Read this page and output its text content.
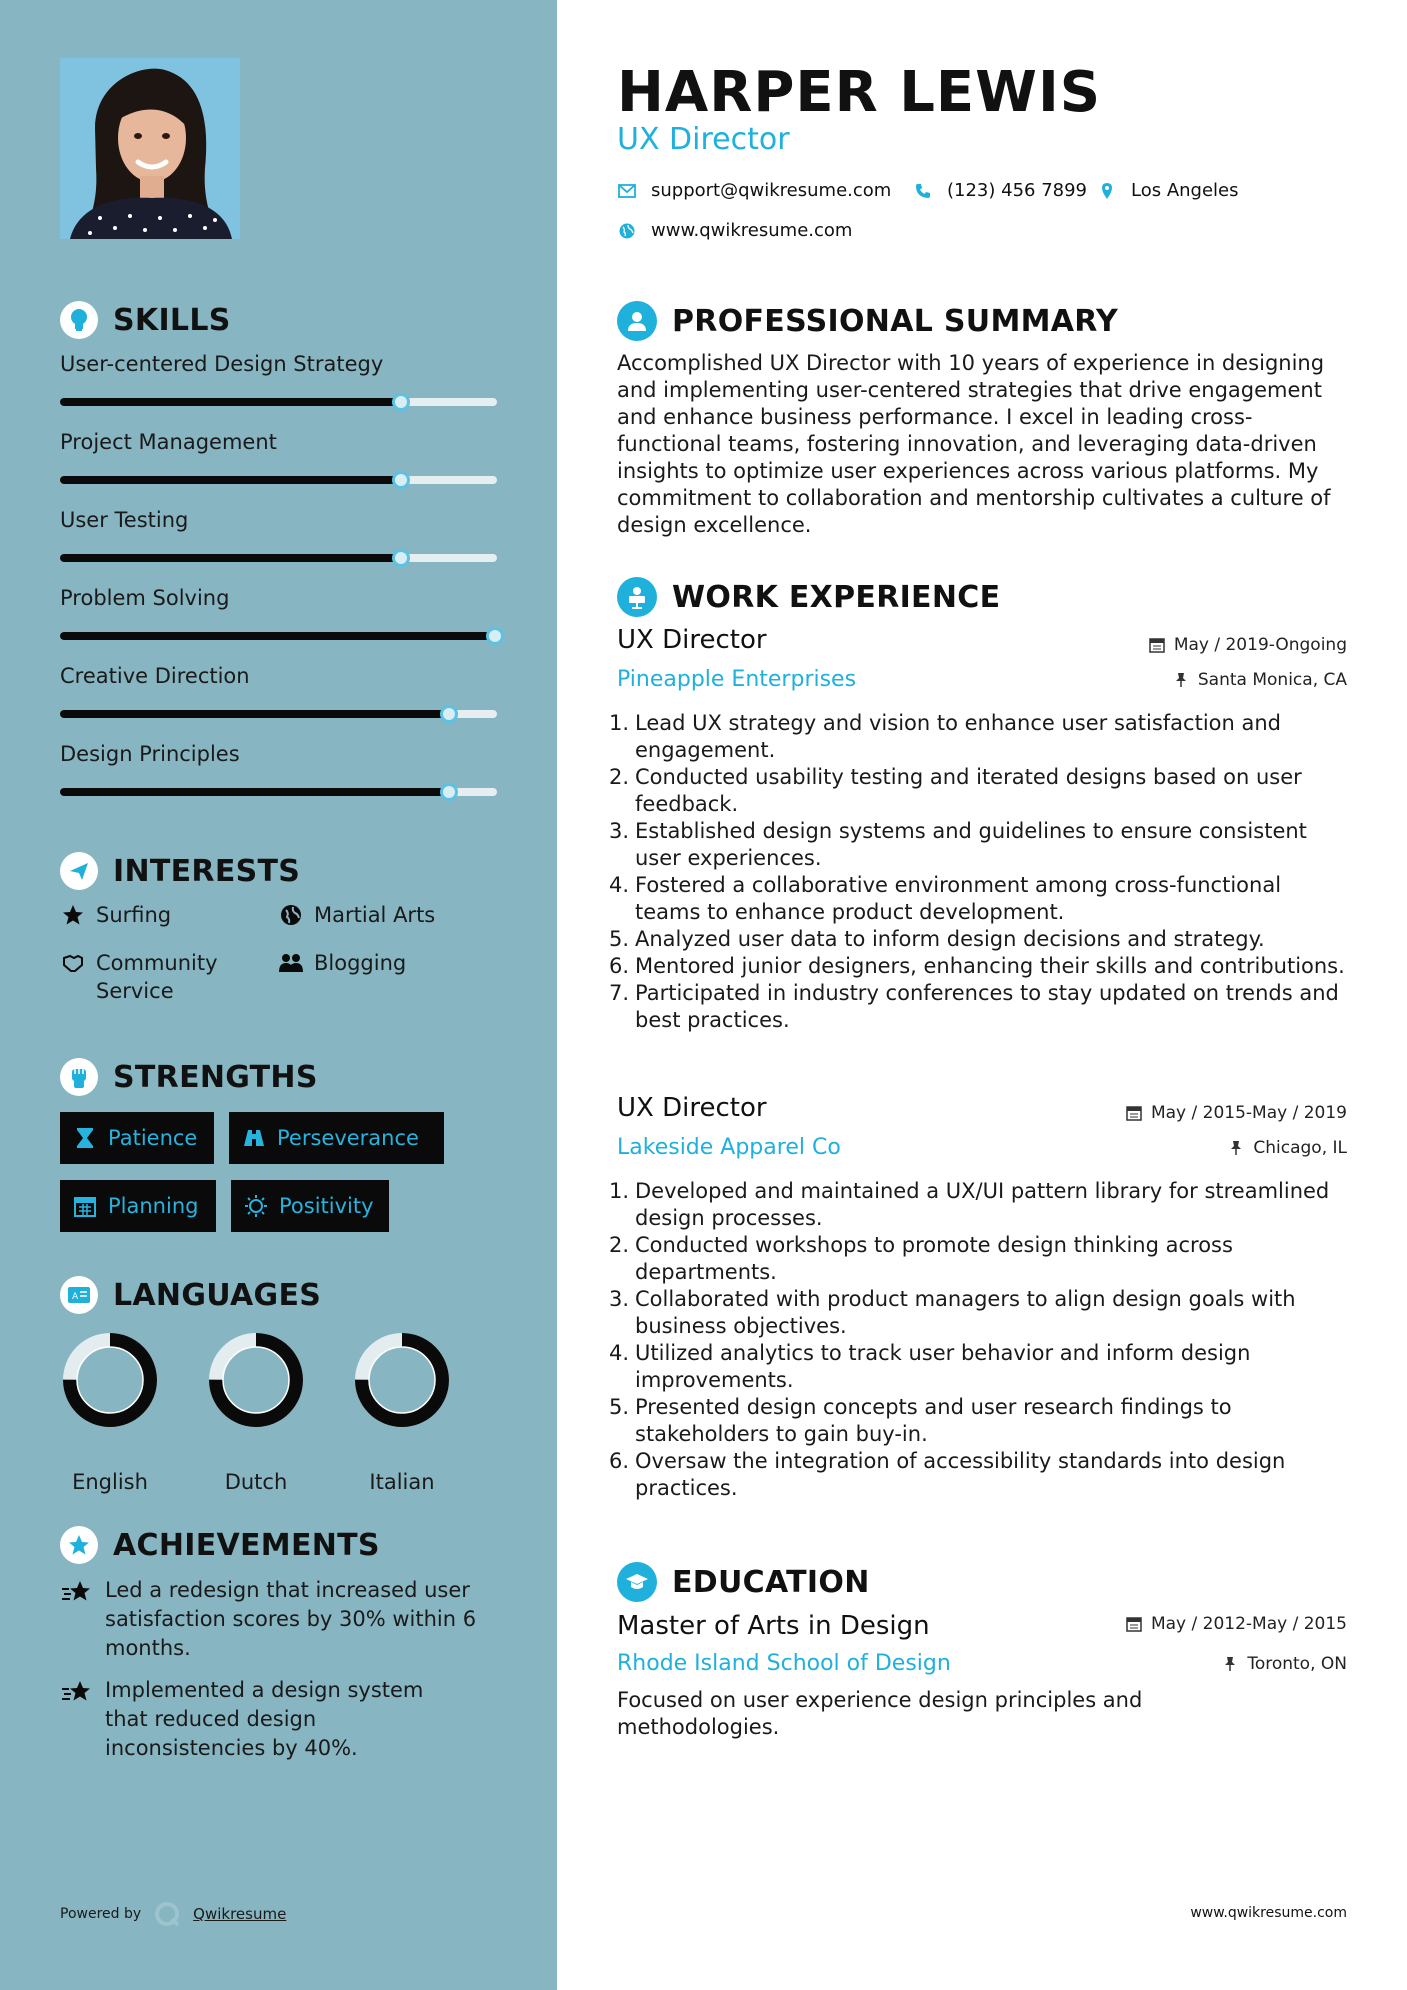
SKILLS
User-centered Design Strategy
Project Management
User Testing
Problem Solving
Creative Direction
Design Principles
INTERESTS
Surfing	Martial Arts
Community Service
Blogging
STRENGTHS
Patience	Perseverance
Planning	Positivity
A LANGUAGES
English	Dutch	Italian
ACHIEVEMENTS
Led a redesign that increased user satisfaction scores by 30% within 6 months.
Implemented a design system that reduced design inconsistencies by 40%.
Powered by	Qwikresume
HARPER LEWIS
UX Director
support@qwikresume.com	(123) 456 7899 Los Angeles
www.qwikresume.com
PROFESSIONAL SUMMARY

Accomplished UX Director with 10 years of experience in designing and implementing user-centered strategies that drive engagement and enhance business performance. I excel in leading cross-functional teams, fostering innovation, and leveraging data-driven insights to optimize user experiences across various platforms. My commitment to collaboration and mentorship cultivates a culture of design excellence.

WORK EXPERIENCE
UX Director
Pineapple Enterprises
May / 2019-Ongoing
Santa Monica, CA
1. Lead UX strategy and vision to enhance user satisfaction and engagement.
2. Conducted usability testing and iterated designs based on user feedback.
3. Established design systems and guidelines to ensure consistent user experiences.
4. Fostered a collaborative environment among cross-functional teams to enhance product development.
5. Analyzed user data to inform design decisions and strategy.
6. Mentored junior designers, enhancing their skills and contributions.
7. Participated in industry conferences to stay updated on trends and best practices.
UX Director
Lakeside Apparel Co
May / 2015-May / 2019
Chicago, IL
1. Developed and maintained a UX/UI pattern library for streamlined design processes.
2. Conducted workshops to promote design thinking across departments.
3. Collaborated with product managers to align design goals with business objectives.
4. Utilized analytics to track user behavior and inform design improvements.
5. Presented design concepts and user research findings to stakeholders to gain buy-in.
6. Oversaw the integration of accessibility standards into design practices.
EDUCATION
Master of Arts in Design
Rhode Island School of Design
May / 2012-May / 2015
Toronto, ON

Focused on user experience design principles and methodologies.

www.qwikresume.com
